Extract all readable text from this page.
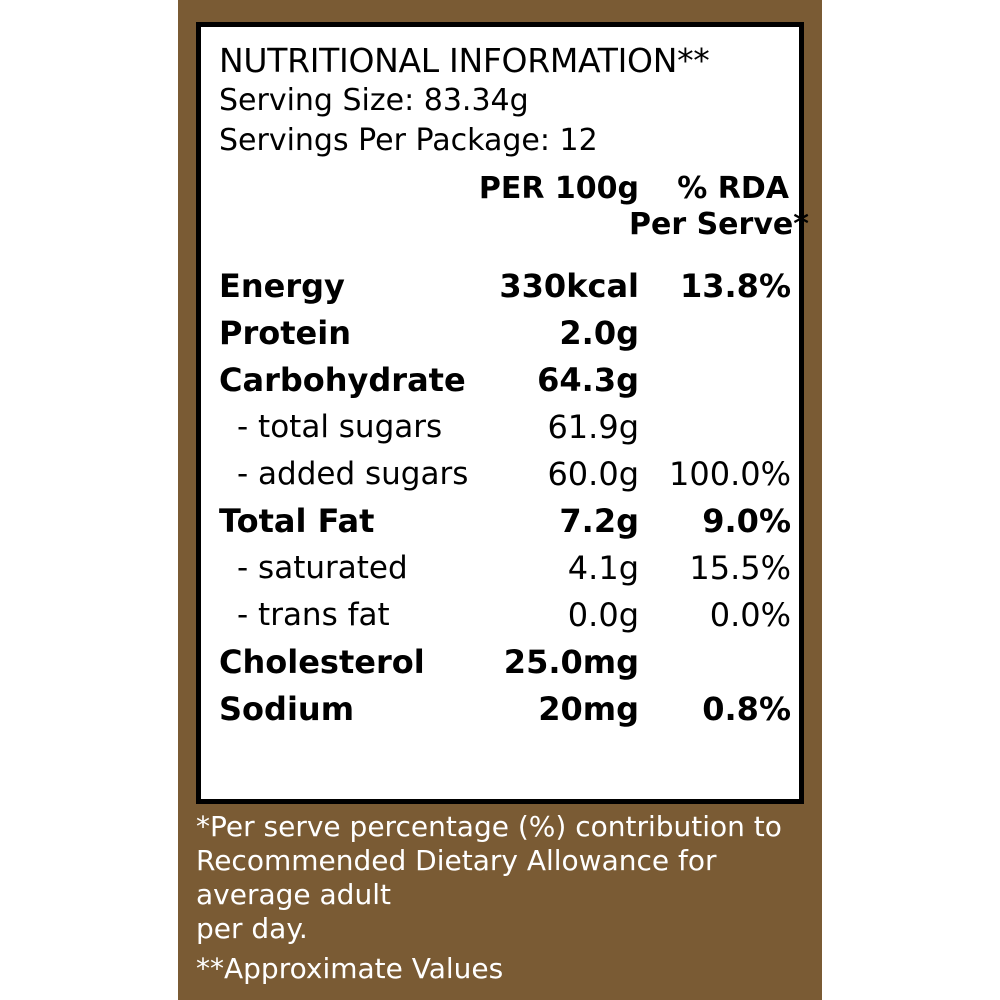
NUTRITIONAL INFORMATION**
Serving Size: 83.34g
Servings Per Package: 12
PER 100g	% RDA
Per Serve*
Energy	330kcal	13.8%
Protein	2.0g	
Carbohydrate	64.3g	
- total sugars	61.9g	
- added sugars	60.0g	100.0%
Total Fat	7.2g	9.0%
- saturated	4.1g	15.5%
- trans fat	0.0g	0.0%
Cholesterol	25.0mg	
Sodium	20mg	0.8%

*Per serve percentage (%) contribution to

Recommended Dietary Allowance for average adult

per day.

**Approximate Values
